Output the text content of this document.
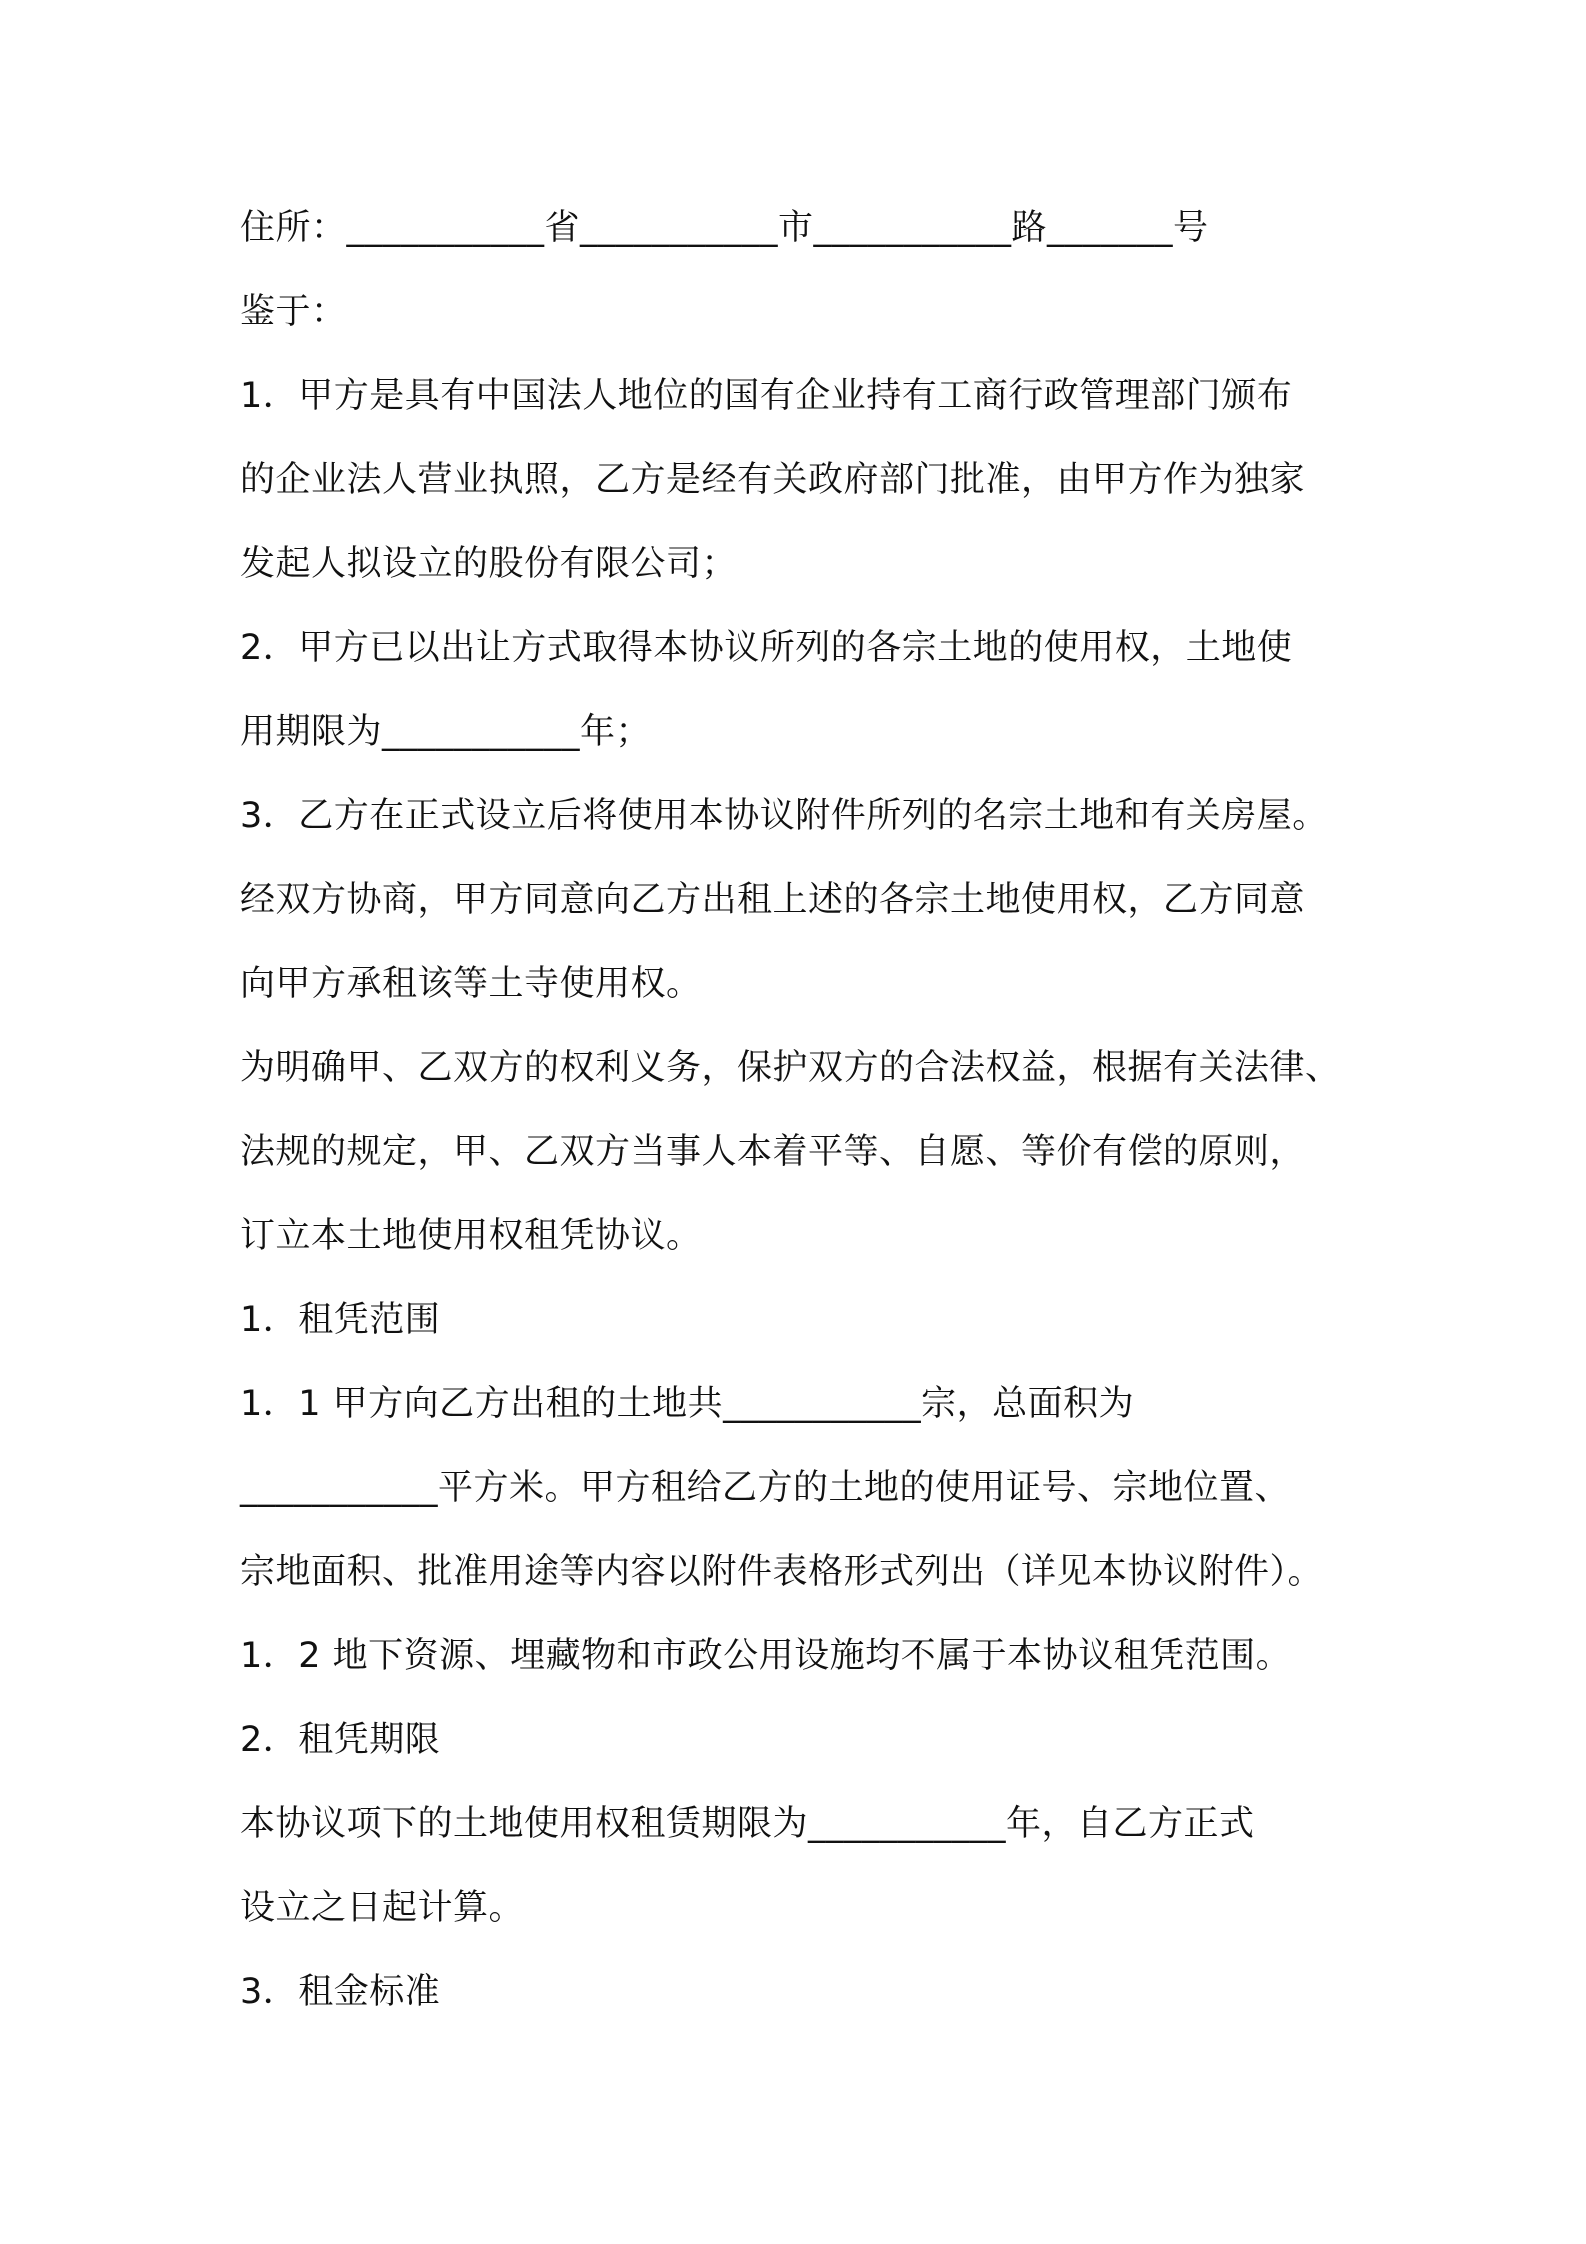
住所：___________省___________市___________路_______号
鉴于：
1．甲方是具有中国法人地位的国有企业持有工商行政管理部门颁布
的企业法人营业执照，乙方是经有关政府部门批准，由甲方作为独家
发起人拟设立的股份有限公司；
2．甲方已以出让方式取得本协议所列的各宗土地的使用权，土地使
用期限为___________年；
3．乙方在正式设立后将使用本协议附件所列的名宗土地和有关房屋。
经双方协商，甲方同意向乙方出租上述的各宗土地使用权，乙方同意
向甲方承租该等土寺使用权。
为明确甲、乙双方的权利义务，保护双方的合法权益，根据有关法律、
法规的规定，甲、乙双方当事人本着平等、自愿、等价有偿的原则，
订立本土地使用权租凭协议。
1．租凭范围
1．1 甲方向乙方出租的土地共___________宗，总面积为
___________平方米。甲方租给乙方的土地的使用证号、宗地位置、
宗地面积、批准用途等内容以附件表格形式列出（详见本协议附件）。
1．2 地下资源、埋藏物和市政公用设施均不属于本协议租凭范围。
2．租凭期限
本协议项下的土地使用权租赁期限为___________年，自乙方正式
设立之日起计算。
3．租金标准
